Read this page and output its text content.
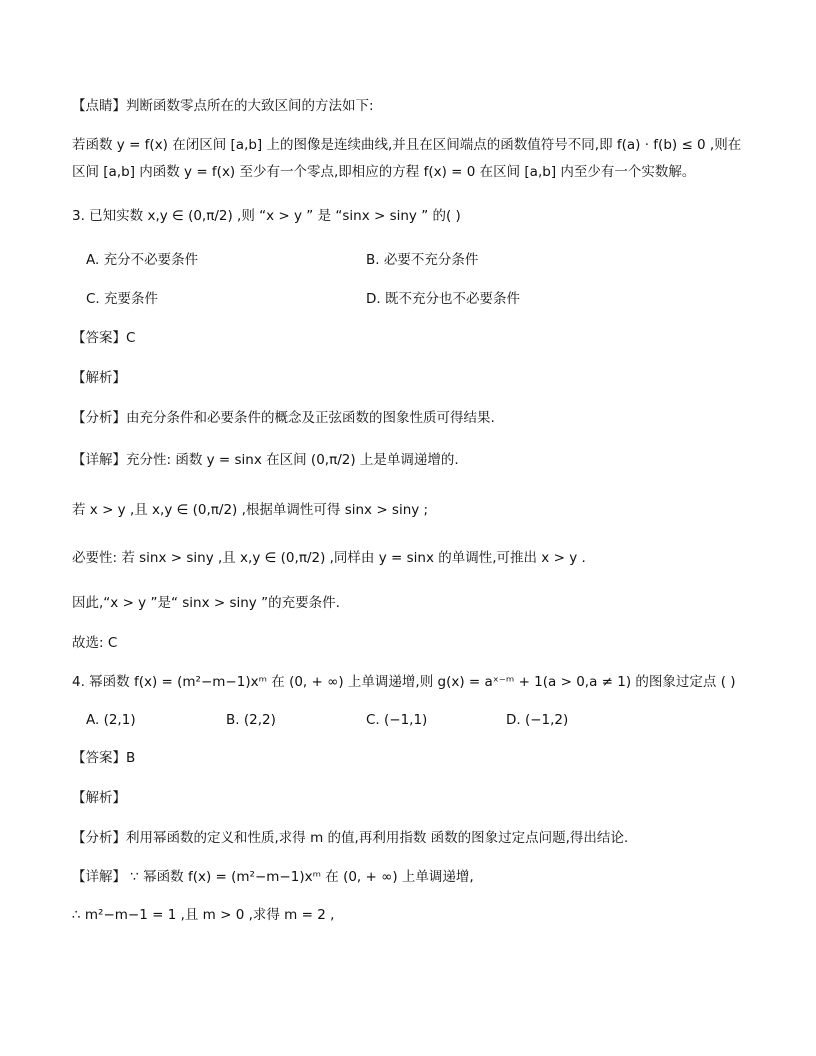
【点睛】判断函数零点所在的大致区间的方法如下:
若函数 y = f(x) 在闭区间 [a,b] 上的图像是连续曲线,并且在区间端点的函数值符号不同,即 f(a) · f(b) ≤ 0 ,则在
区间 [a,b] 内函数 y = f(x) 至少有一个零点,即相应的方程 f(x) = 0 在区间 [a,b] 内至少有一个实数解。
3. 已知实数 x,y ∈ (0,π/2) ,则 “x > y ” 是 “sinx > siny ” 的( )
A. 充分不必要条件	B. 必要不充分条件
C. 充要条件	D. 既不充分也不必要条件
【答案】C
【解析】
【分析】由充分条件和必要条件的概念及正弦函数的图象性质可得结果.
【详解】充分性: 函数 y = sinx 在区间 (0,π/2) 上是单调递增的.
若 x > y ,且 x,y ∈ (0,π/2) ,根据单调性可得 sinx > siny ;
必要性: 若 sinx > siny ,且 x,y ∈ (0,π/2) ,同样由 y = sinx 的单调性,可推出 x > y .
因此,“x > y ”是“ sinx > siny ”的充要条件.
故选: C
4. 幂函数 f(x) = (m²−m−1)xᵐ 在 (0, + ∞) 上单调递增,则 g(x) = aˣ⁻ᵐ + 1(a > 0,a ≠ 1) 的图象过定点 ( )
A. (2,1)	B. (2,2)	C. (−1,1)	D. (−1,2)
【答案】B
【解析】
【分析】利用幂函数的定义和性质,求得 m 的值,再利用指数 函数的图象过定点问题,得出结论.
【详解】 ∵ 幂函数 f(x) = (m²−m−1)xᵐ 在 (0, + ∞) 上单调递增,
∴ m²−m−1 = 1 ,且 m > 0 ,求得 m = 2 ,
